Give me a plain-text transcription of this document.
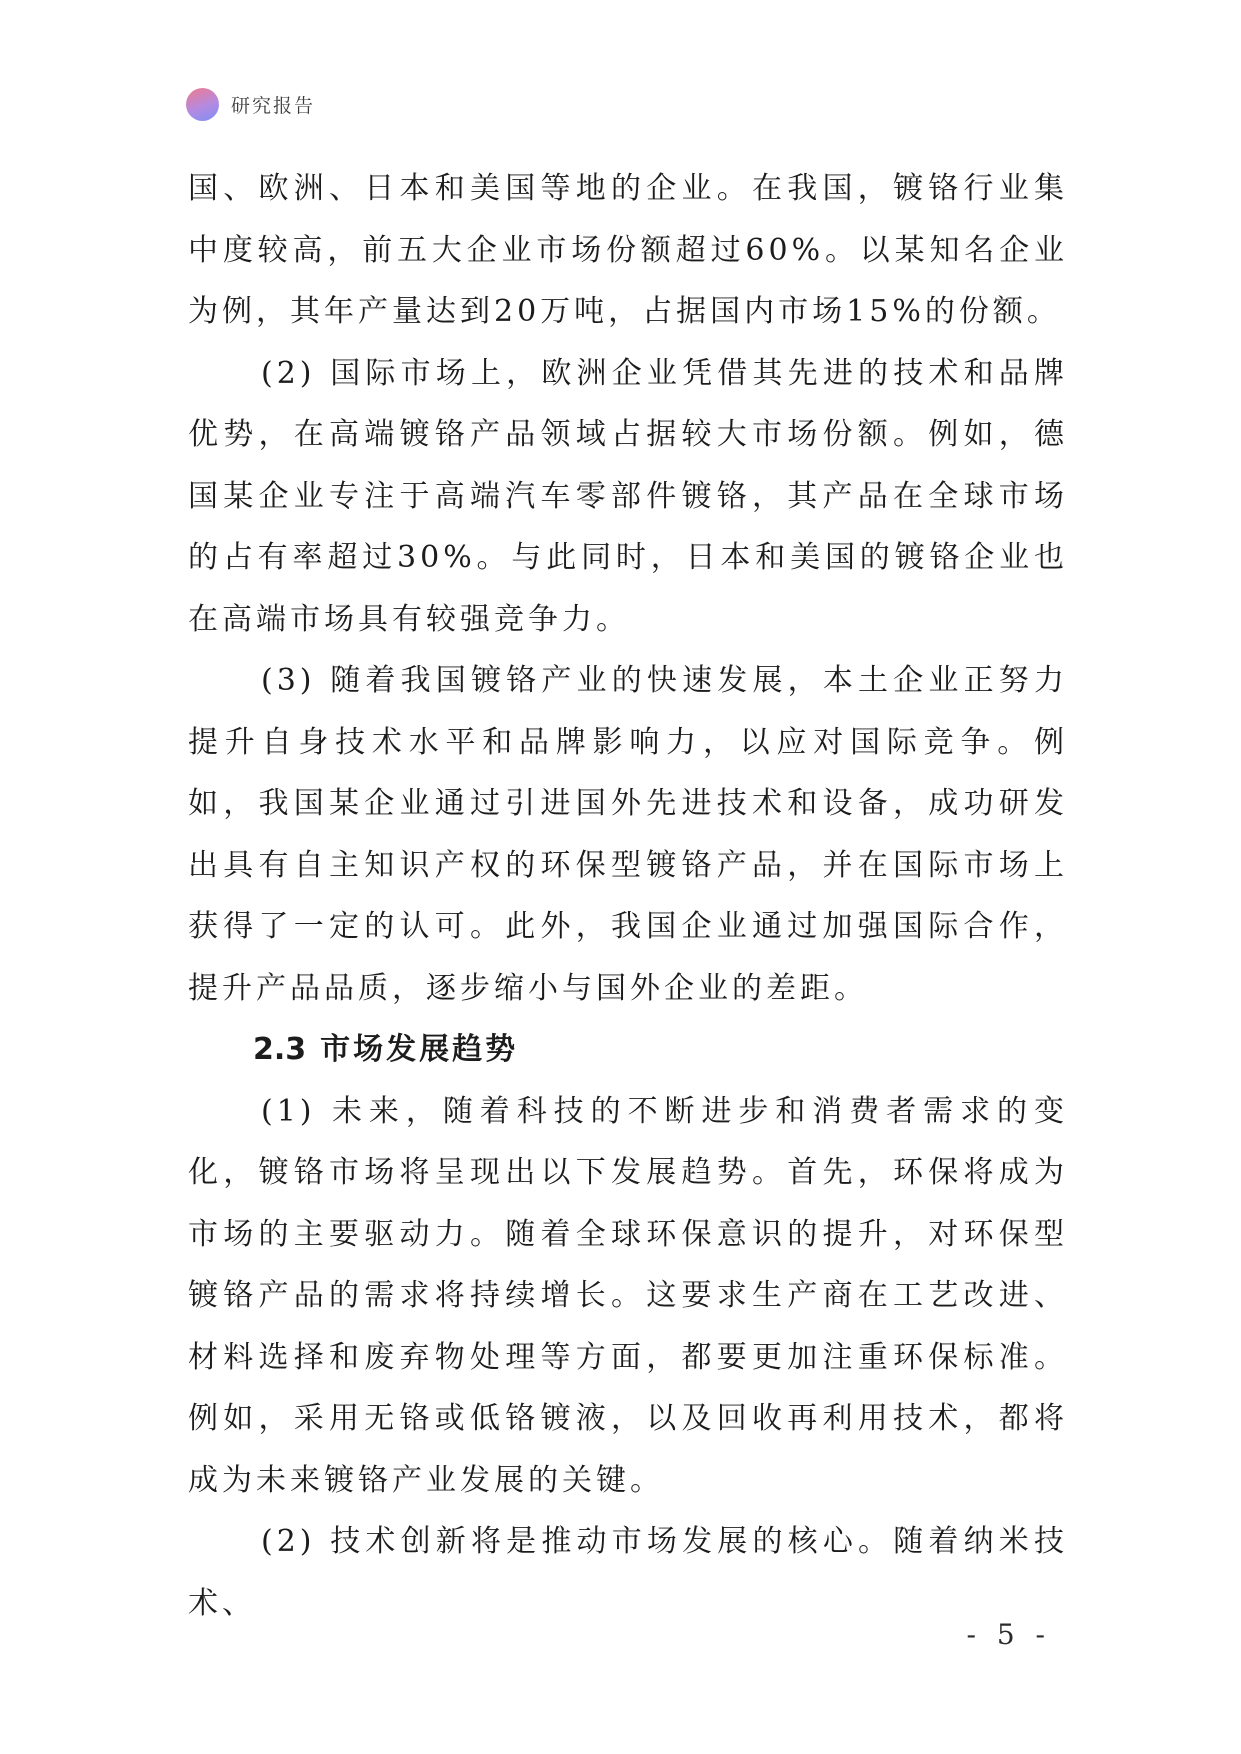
研究报告

国、欧洲、日本和美国等地的企业。在我国，镀铬行业集中度较高，前五大企业市场份额超过60%。以某知名企业为例，其年产量达到20万吨，占据国内市场15%的份额。

(2) 国际市场上，欧洲企业凭借其先进的技术和品牌优势，在高端镀铬产品领域占据较大市场份额。例如，德国某企业专注于高端汽车零部件镀铬，其产品在全球市场的占有率超过30%。与此同时，日本和美国的镀铬企业也在高端市场具有较强竞争力。

(3) 随着我国镀铬产业的快速发展，本土企业正努力提升自身技术水平和品牌影响力，以应对国际竞争。例如，我国某企业通过引进国外先进技术和设备，成功研发出具有自主知识产权的环保型镀铬产品，并在国际市场上获得了一定的认可。此外，我国企业通过加强国际合作，提升产品品质，逐步缩小与国外企业的差距。

2.3 市场发展趋势

(1) 未来，随着科技的不断进步和消费者需求的变化，镀铬市场将呈现出以下发展趋势。首先，环保将成为市场的主要驱动力。随着全球环保意识的提升，对环保型镀铬产品的需求将持续增长。这要求生产商在工艺改进、材料选择和废弃物处理等方面，都要更加注重环保标准。例如，采用无铬或低铬镀液，以及回收再利用技术，都将成为未来镀铬产业发展的关键。

(2) 技术创新将是推动市场发展的核心。随着纳米技术、

- 5 -
